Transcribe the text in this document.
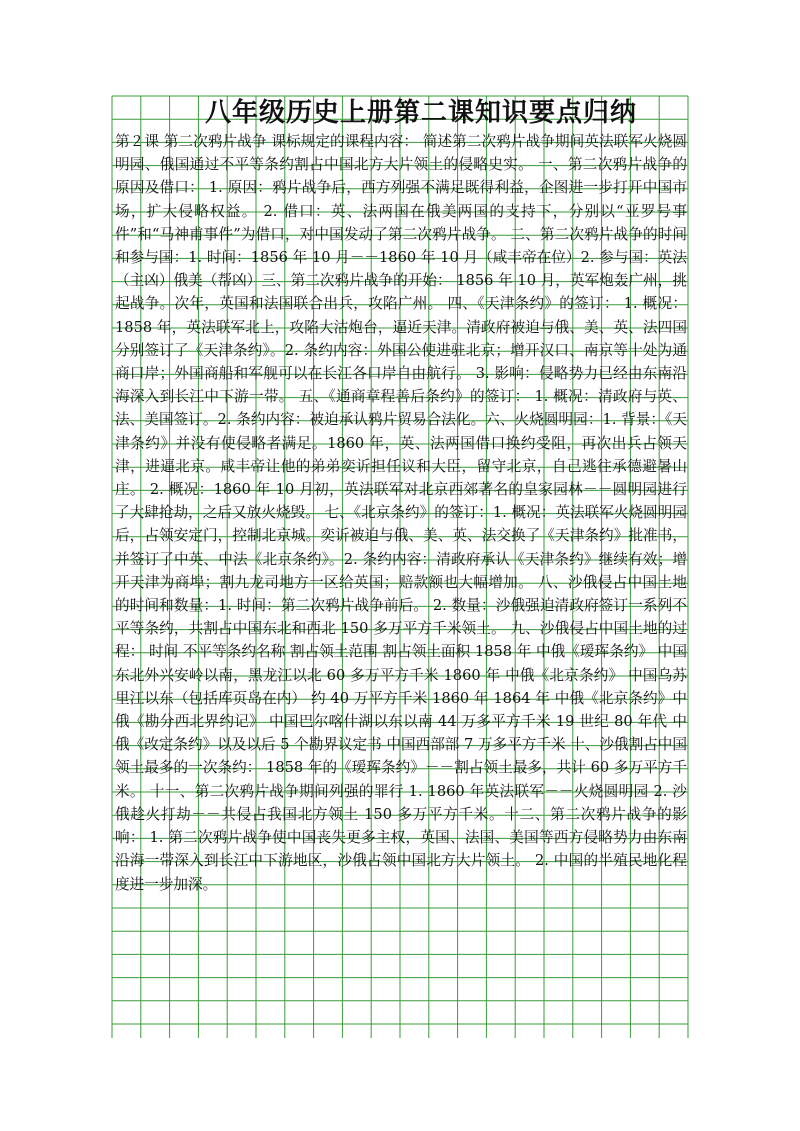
八年级历史上册第二课知识要点归纳

第２课 第二次鸦片战争 课标规定的课程内容： 简述第二次鸦片战争期间英法联军火烧圆明园、俄国通过不平等条约割占中国北方大片领土的侵略史实。 一、第二次鸦片战争的原因及借口： 1. 原因：鸦片战争后，西方列强不满足既得利益，企图进一步打开中国市场，扩大侵略权益。 2. 借口：英、法两国在俄美两国的支持下，分别以“亚罗号事件”和“马神甫事件”为借口，对中国发动了第二次鸦片战争。 二、第二次鸦片战争的时间和参与国：1. 时间：1856 年 10 月－－1860 年 10 月（咸丰帝在位）2. 参与国：英法（主凶）俄美（帮凶）三、第二次鸦片战争的开始： 1856 年 10 月，英军炮轰广州，挑起战争。次年，英国和法国联合出兵，攻陷广州。 四、《天津条约》的签订： 1. 概况：1858 年，英法联军北上，攻陷大沽炮台，逼近天津。清政府被迫与俄、美、英、法四国分别签订了《天津条约》。2. 条约内容：外国公使进驻北京；增开汉口、南京等十处为通商口岸；外国商船和军舰可以在长江各口岸自由航行。 3. 影响：侵略势力已经由东南沿海深入到长江中下游一带。 五、《通商章程善后条约》的签订： 1. 概况：清政府与英、法、美国签订。2. 条约内容：被迫承认鸦片贸易合法化。六、火烧圆明园：1. 背景：《天津条约》并没有使侵略者满足。1860 年，英、法两国借口换约受阻，再次出兵占领天津，进逼北京。咸丰帝让他的弟弟奕䜣担任议和大臣，留守北京，自己逃往承德避暑山庄。 2. 概况：1860 年 10 月初，英法联军对北京西郊著名的皇家园林－－圆明园进行了大肆抢劫，之后又放火烧毁。 七、《北京条约》的签订：1. 概况：英法联军火烧圆明园后，占领安定门，控制北京城。奕䜣被迫与俄、美、英、法交换了《天津条约》批准书，并签订了中英、中法《北京条约》。2. 条约内容：清政府承认《天津条约》继续有效；增开天津为商埠；割九龙司地方一区给英国；赔款额也大幅增加。 八、沙俄侵占中国土地的时间和数量：1. 时间：第二次鸦片战争前后。 2. 数量：沙俄强迫清政府签订一系列不平等条约，共割占中国东北和西北 150 多万平方千米领土。 九、沙俄侵占中国土地的过程： 时间 不平等条约名称 割占领土范围 割占领土面积 1858 年 中俄《瑷珲条约》 中国东北外兴安岭以南，黑龙江以北 60 多万平方千米 1860 年 中俄《北京条约》 中国乌苏里江以东（包括库页岛在内） 约 40 万平方千米 1860 年 1864 年 中俄《北京条约》中俄《勘分西北界约记》 中国巴尔喀什湖以东以南 44 万多平方千米 19 世纪 80 年代 中俄《改定条约》以及以后 5 个勘界议定书 中国西部部 7 万多平方千米 十、沙俄割占中国领土最多的一次条约： 1858 年的《瑷珲条约》－－割占领土最多，共计 60 多万平方千米。 十一、第二次鸦片战争期间列强的罪行 1. 1860 年英法联军－－火烧圆明园 2. 沙俄趁火打劫－－共侵占我国北方领土 150 多万平方千米。十二、第二次鸦片战争的影响： 1. 第二次鸦片战争使中国丧失更多主权，英国、法国、美国等西方侵略势力由东南沿海一带深入到长江中下游地区，沙俄占领中国北方大片领土。 2. 中国的半殖民地化程度进一步加深。
